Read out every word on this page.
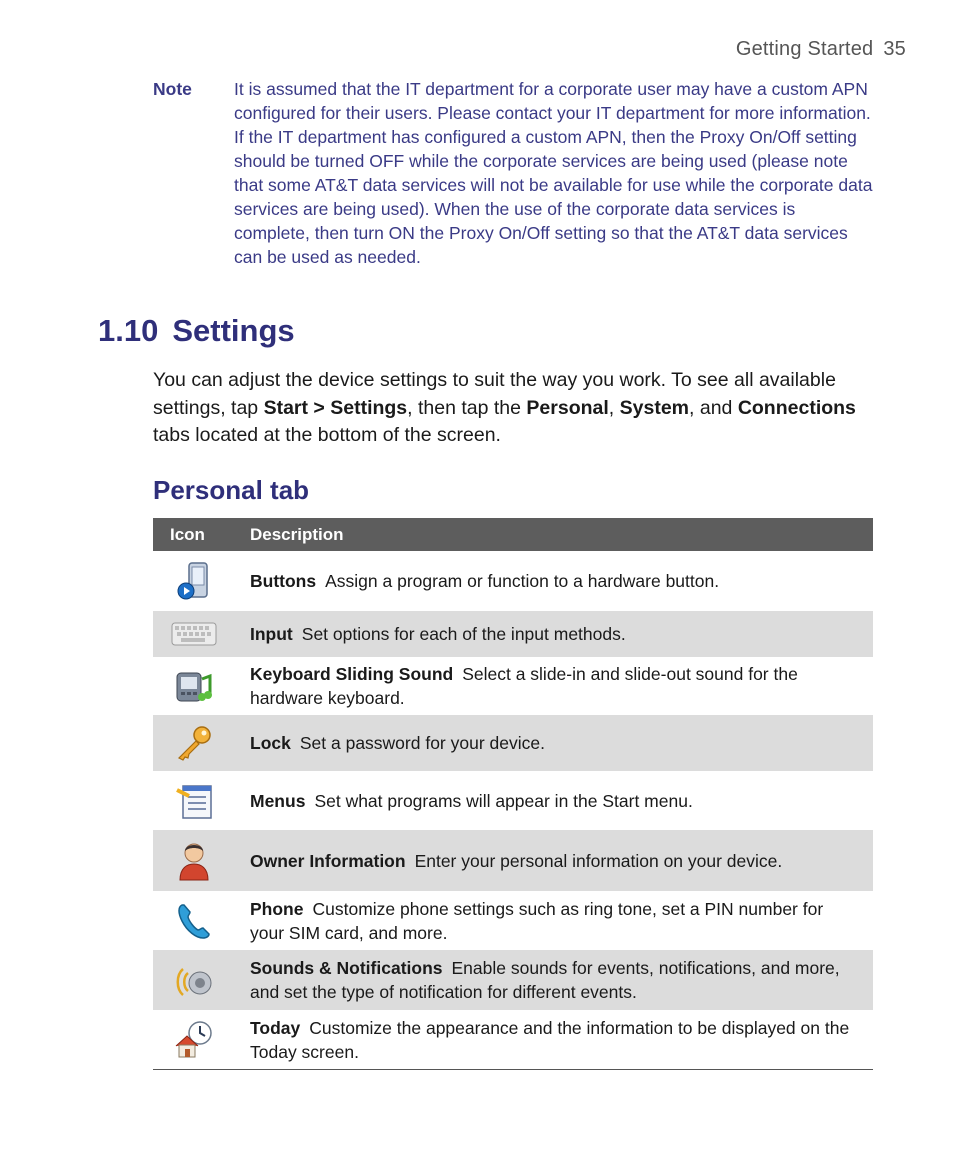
Getting Started 35
Note	It is assumed that the IT department for a corporate user may have a custom APN configured for their users. Please contact your IT department for more information. If the IT department has configured a custom APN, then the Proxy On/Off setting should be turned OFF while the corporate services are being used (please note that some AT&T data services will not be available for use while the corporate data services are being used). When the use of the corporate data services is complete, then turn ON the Proxy On/Off setting so that the AT&T data services can be used as needed.
1.10 Settings

You can adjust the device settings to suit the way you work. To see all available settings, tap Start > Settings, then tap the Personal, System, and Connections tabs located at the bottom of the screen.

Personal tab
Icon	Description
Buttons Assign a program or function to a hardware button.
Input Set options for each of the input methods.
Keyboard Sliding Sound Select a slide-in and slide-out sound for the hardware keyboard.
Lock Set a password for your device.
Menus Set what programs will appear in the Start menu.
Owner Information Enter your personal information on your device.
Phone Customize phone settings such as ring tone, set a PIN number for your SIM card, and more.
Sounds & Notifications Enable sounds for events, notifications, and more, and set the type of notification for different events.
Today Customize the appearance and the information to be displayed on the Today screen.
